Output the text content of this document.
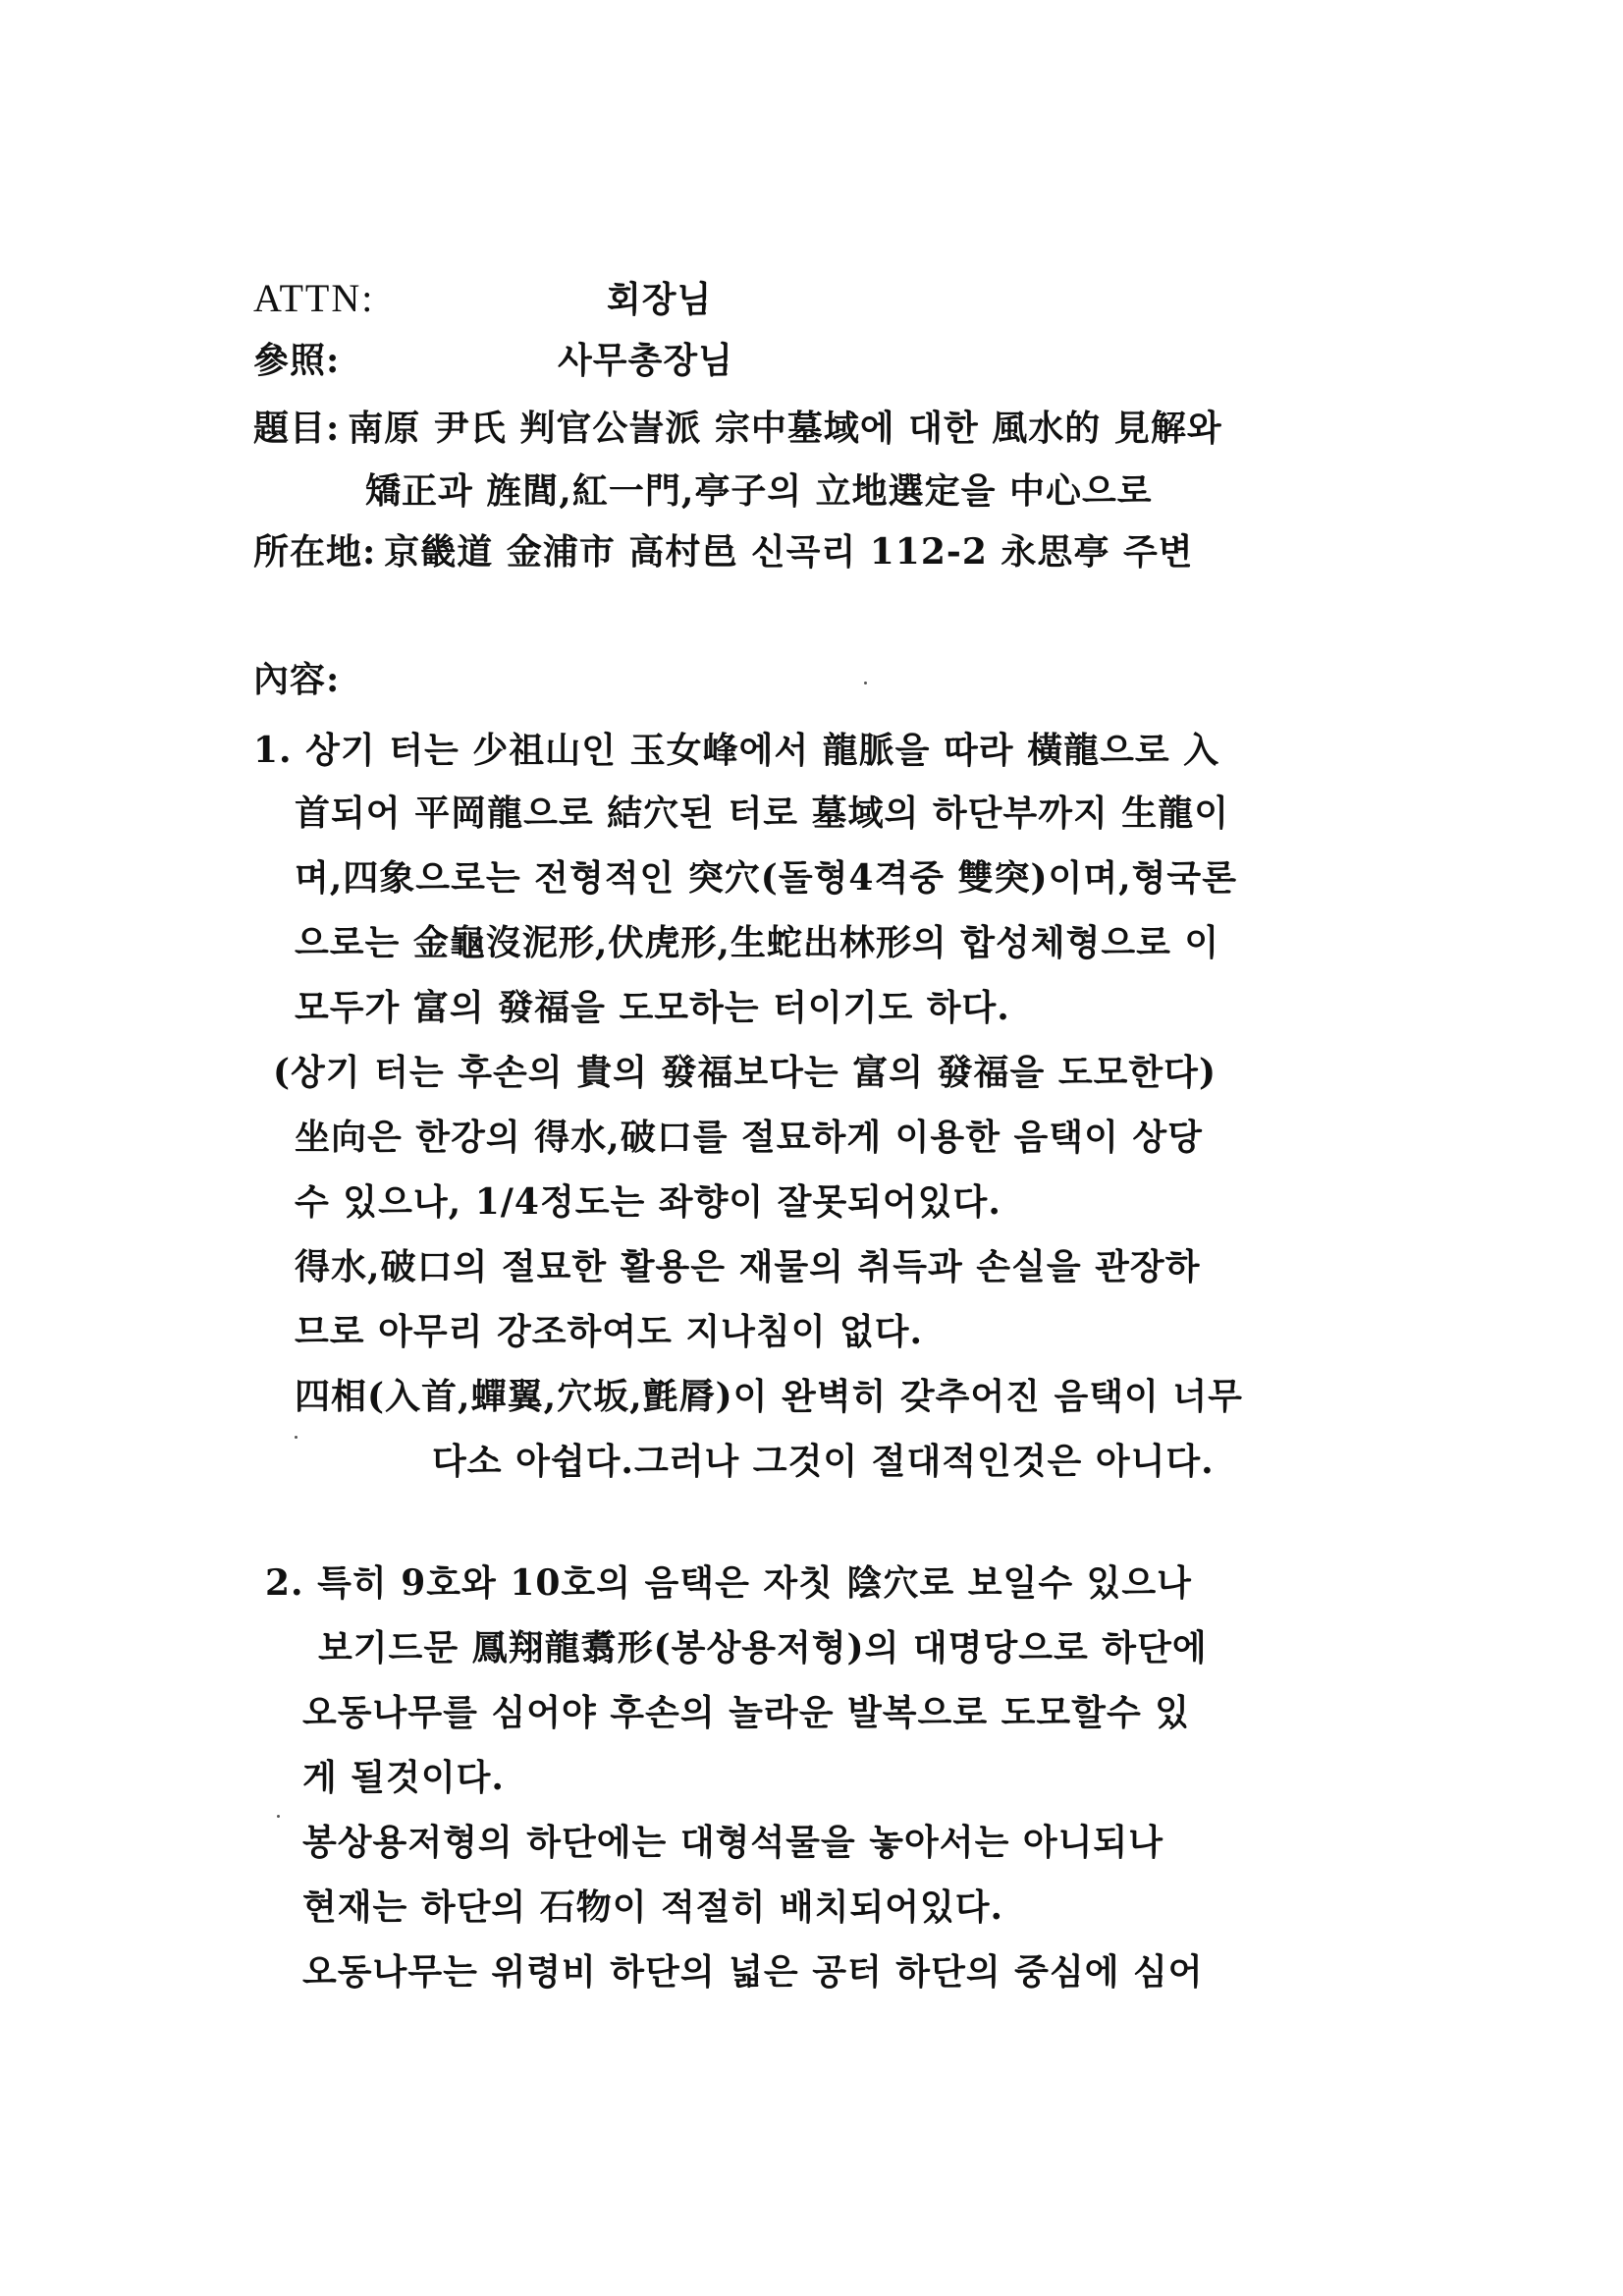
ATTN:	회장님
參照:	사무총장님
題目: 南原 尹氏 判官公訔派 宗中墓域에 대한 風水的 見解와
矯正과 旌閭,紅一門,亭子의 立地選定을 中心으로
所在地: 京畿道 金浦市 高村邑 신곡리 112-2 永思亭 주변
內容:
1. 상기 터는 少祖山인 玉女峰에서 龍脈을 따라 橫龍으로 入
首되어 平岡龍으로 結穴된 터로 墓域의 하단부까지 生龍이
며,四象으로는 전형적인 突穴(돌형4격중 雙突)이며,형국론
으로는 金龜沒泥形,伏虎形,生蛇出林形의 합성체형으로 이
모두가 富의 發福을 도모하는 터이기도 하다.
(상기 터는 후손의 貴의 發福보다는 富의 發福을 도모한다)
坐向은 한강의 得水,破口를 절묘하게 이용한 음택이 상당
수 있으나, 1/4정도는 좌향이 잘못되어있다.
得水,破口의 절묘한 활용은 재물의 취득과 손실을 관장하
므로 아무리 강조하여도 지나침이 없다.
四相(入首,蟬翼,穴坂,氈脣)이 완벽히 갖추어진 음택이 너무
다소 아쉽다.그러나 그것이 절대적인것은 아니다.
2. 특히 9호와 10호의 음택은 자칫 陰穴로 보일수 있으나
보기드문 鳳翔龍翥形(봉상용저형)의 대명당으로 하단에
오동나무를 심어야 후손의 놀라운 발복으로 도모할수 있
게 될것이다.
봉상용저형의 하단에는 대형석물을 놓아서는 아니되나
현재는 하단의 石物이 적절히 배치되어있다.
오동나무는 위령비 하단의 넓은 공터 하단의 중심에 심어
